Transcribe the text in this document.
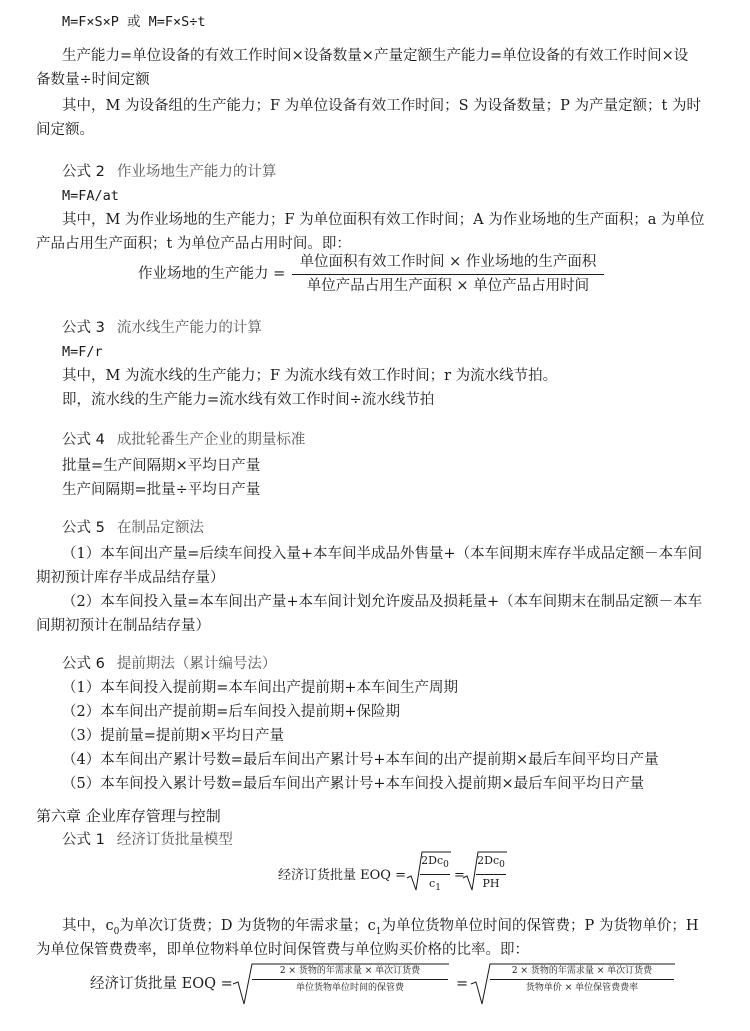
M=F×S×P 或 M=F×S÷t
生产能力=单位设备的有效工作时间×设备数量×产量定额生产能力=单位设备的有效工作时间×设
备数量÷时间定额
其中，M 为设备组的生产能力；F 为单位设备有效工作时间；S 为设备数量；P 为产量定额；t 为时
间定额。
公式 2 作业场地生产能力的计算
M=FA/at
其中，M 为作业场地的生产能力；F 为单位面积有效工作时间；A 为作业场地的生产面积；a 为单位
产品占用生产面积；t 为单位产品占用时间。即：
作业场地的生产能力 =
单位面积有效工作时间 × 作业场地的生产面积
单位产品占用生产面积 × 单位产品占用时间
公式 3 流水线生产能力的计算
M=F/r
其中，M 为流水线的生产能力；F 为流水线有效工作时间；r 为流水线节拍。
即，流水线的生产能力=流水线有效工作时间÷流水线节拍
公式 4 成批轮番生产企业的期量标准
批量=生产间隔期×平均日产量
生产间隔期=批量÷平均日产量
公式 5 在制品定额法
（1）本车间出产量=后续车间投入量+本车间半成品外售量+（本车间期末库存半成品定额－本车间
期初预计库存半成品结存量）
（2）本车间投入量=本车间出产量+本车间计划允许废品及损耗量+（本车间期末在制品定额－本车
间期初预计在制品结存量）
公式 6 提前期法（累计编号法）
（1）本车间投入提前期=本车间出产提前期+本车间生产周期
（2）本车间出产提前期=后车间投入提前期+保险期
（3）提前量=提前期×平均日产量
（4）本车间出产累计号数=最后车间出产累计号+本车间的出产提前期×最后车间平均日产量
（5）本车间投入累计号数=最后车间出产累计号+本车间投入提前期×最后车间平均日产量
第六章 企业库存管理与控制
公式 1 经济订货批量模型
经济订货批量 EOQ =
$2Dc_0$
$c_1$
=
$2Dc_0$
PH
其中，$c_0$为单次订货费；D 为货物的年需求量；$c_1$为单位货物单位时间的保管费；P 为货物单价；H
为单位保管费费率，即单位物料单位时间保管费与单位购买价格的比率。即：
经济订货批量 EOQ =
2 × 货物的年需求量 × 单次订货费
单位货物单位时间的保管费	=
2 × 货物的年需求量 × 单次订货费
货物单价 × 单位保管费费率
